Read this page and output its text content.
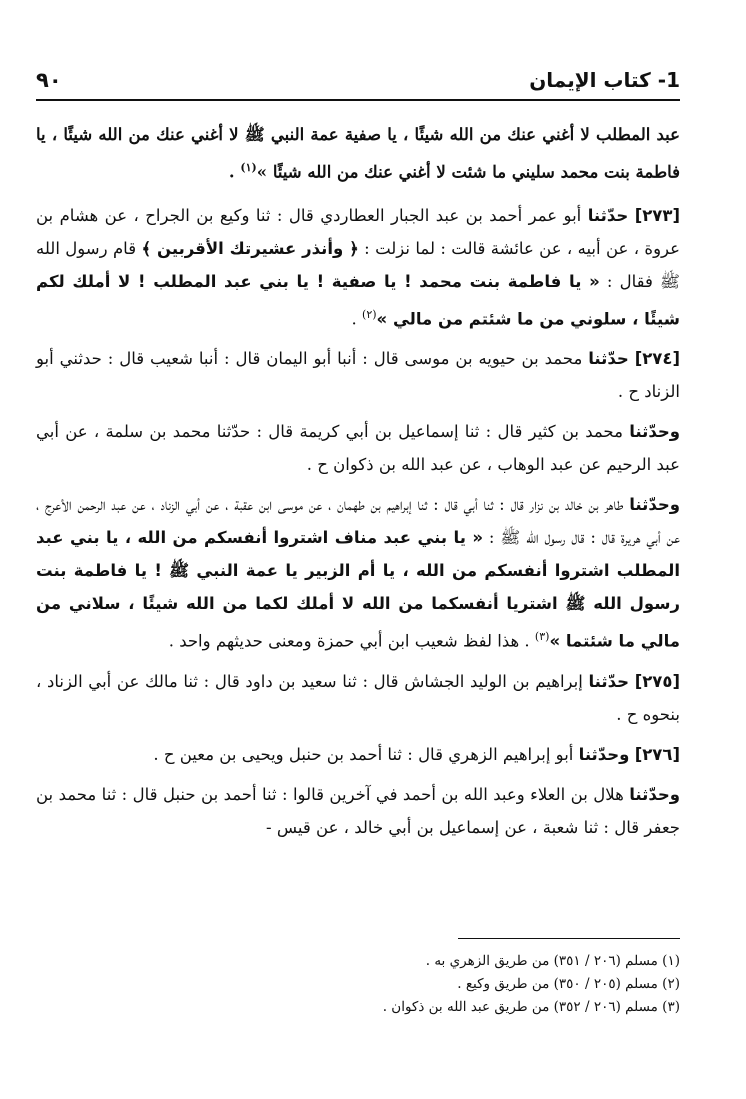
1- كتاب الإيمان
٩٠

عبد المطلب لا أغني عنك من الله شيئًا ، يا صفية عمة النبي ﷺ لا أغني عنك من الله شيئًا ، يا فاطمة بنت محمد سليني ما شئت لا أغني عنك من الله شيئًا »$^{(١)}$ .

[٢٧٣] حدّثنا أبو عمر أحمد بن عبد الجبار العطاردي قال : ثنا وكيع بن الجراح ، عن هشام بن عروة ، عن أبيه ، عن عائشة قالت : لما نزلت : ﴿ وأنذر عشيرتك الأقربين ﴾ قام رسول الله ﷺ فقال : « يا فاطمة بنت محمد ! يا صفية ! يا بني عبد المطلب ! لا أملك لكم شيئًا ، سلوني من ما شئتم من مالي »$^{(٢)}$ .

[٢٧٤] حدّثنا محمد بن حيويه بن موسى قال : أنبا أبو اليمان قال : أنبا شعيب قال : حدثني أبو الزناد ح .

وحدّثنا محمد بن كثير قال : ثنا إسماعيل بن أبي كريمة قال : حدّثنا محمد بن سلمة ، عن أبي عبد الرحيم عن عبد الوهاب ، عن عبد الله بن ذكوان ح .

وحدّثنا طاهر بن خالد بن نزار قال : ثنا أبي قال : ثنا إبراهيم بن طهمان ، عن موسى ابن عقبة ، عن أبي الزناد ، عن عبد الرحمن الأعرج ، عن أبي هريرة قال : قال رسول الله ﷺ : « يا بني عبد مناف اشتروا أنفسكم من الله ، يا بني عبد المطلب اشتروا أنفسكم من الله ، يا أم الزبير يا عمة النبي ﷺ ! يا فاطمة بنت رسول الله ﷺ اشتريا أنفسكما من الله لا أملك لكما من الله شيئًا ، سلاني من مالي ما شئتما »$^{(٣)}$ . هذا لفظ شعيب ابن أبي حمزة ومعنى حديثهم واحد .

[٢٧٥] حدّثنا إبراهيم بن الوليد الجشاش قال : ثنا سعيد بن داود قال : ثنا مالك عن أبي الزناد ، بنحوه ح .

[٢٧٦] وحدّثنا أبو إبراهيم الزهري قال : ثنا أحمد بن حنبل ويحيى بن معين ح .

وحدّثنا هلال بن العلاء وعبد الله بن أحمد في آخرين قالوا : ثنا أحمد بن حنبل قال : ثنا محمد بن جعفر قال : ثنا شعبة ، عن إسماعيل بن أبي خالد ، عن قيس -

(١) مسلم (٢٠٦ / ٣٥١) من طريق الزهري به .

(٢) مسلم (٢٠٥ / ٣٥٠) من طريق وكيع .

(٣) مسلم (٢٠٦ / ٣٥٢) من طريق عبد الله بن ذكوان .
